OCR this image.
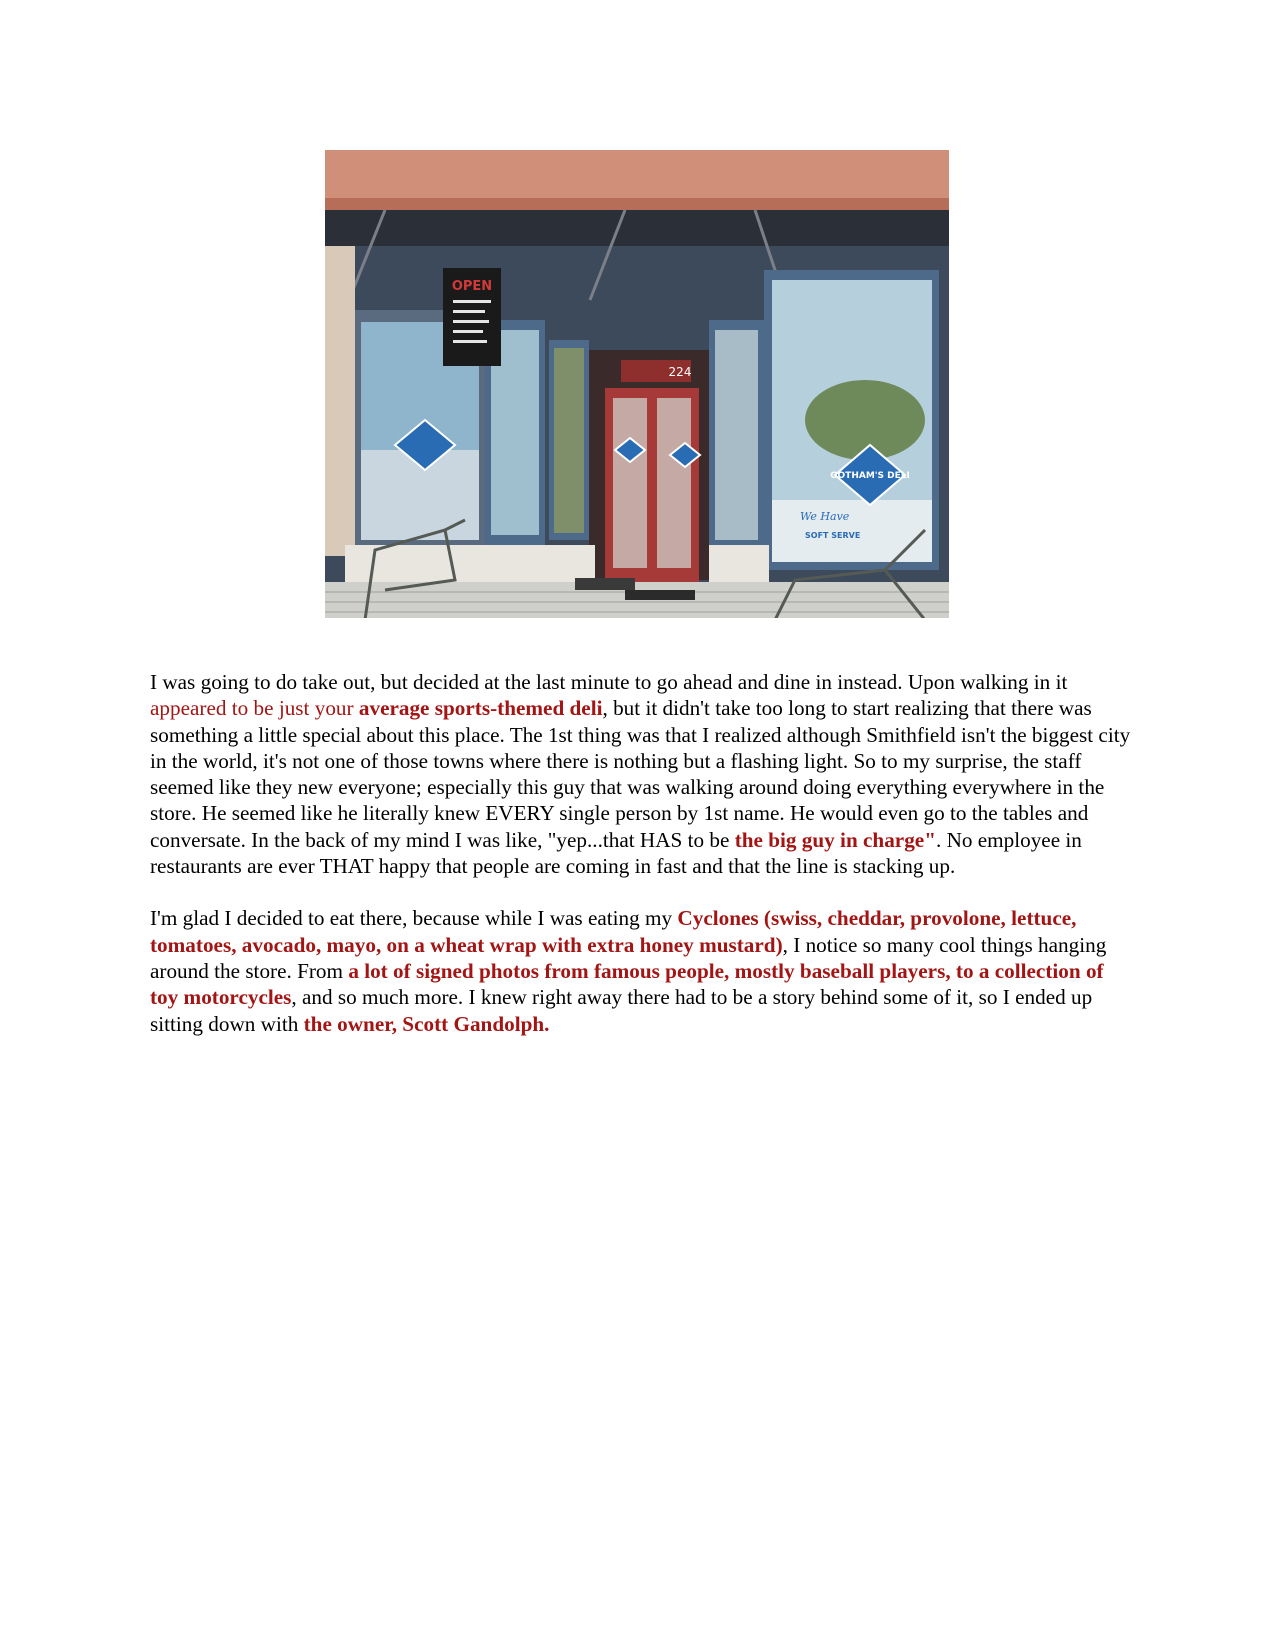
OPEN
224
GOTHAM'S DELI
We Have
SOFT SERVE

I was going to do take out, but decided at the last minute to go ahead and dine in instead. Upon walking in it appeared to be just your average sports-themed deli, but it didn't take too long to start realizing that there was something a little special about this place. The 1st thing was that I realized although Smithfield isn't the biggest city in the world, it's not one of those towns where there is nothing but a flashing light. So to my surprise, the staff seemed like they new everyone; especially this guy that was walking around doing everything everywhere in the store. He seemed like he literally knew EVERY single person by 1st name. He would even go to the tables and conversate. In the back of my mind I was like, "yep...that HAS to be the big guy in charge". No employee in restaurants are ever THAT happy that people are coming in fast and that the line is stacking up.

I'm glad I decided to eat there, because while I was eating my Cyclones (swiss, cheddar, provolone, lettuce, tomatoes, avocado, mayo, on a wheat wrap with extra honey mustard), I notice so many cool things hanging around the store. From a lot of signed photos from famous people, mostly baseball players, to a collection of toy motorcycles, and so much more. I knew right away there had to be a story behind some of it, so I ended up sitting down with the owner, Scott Gandolph.
